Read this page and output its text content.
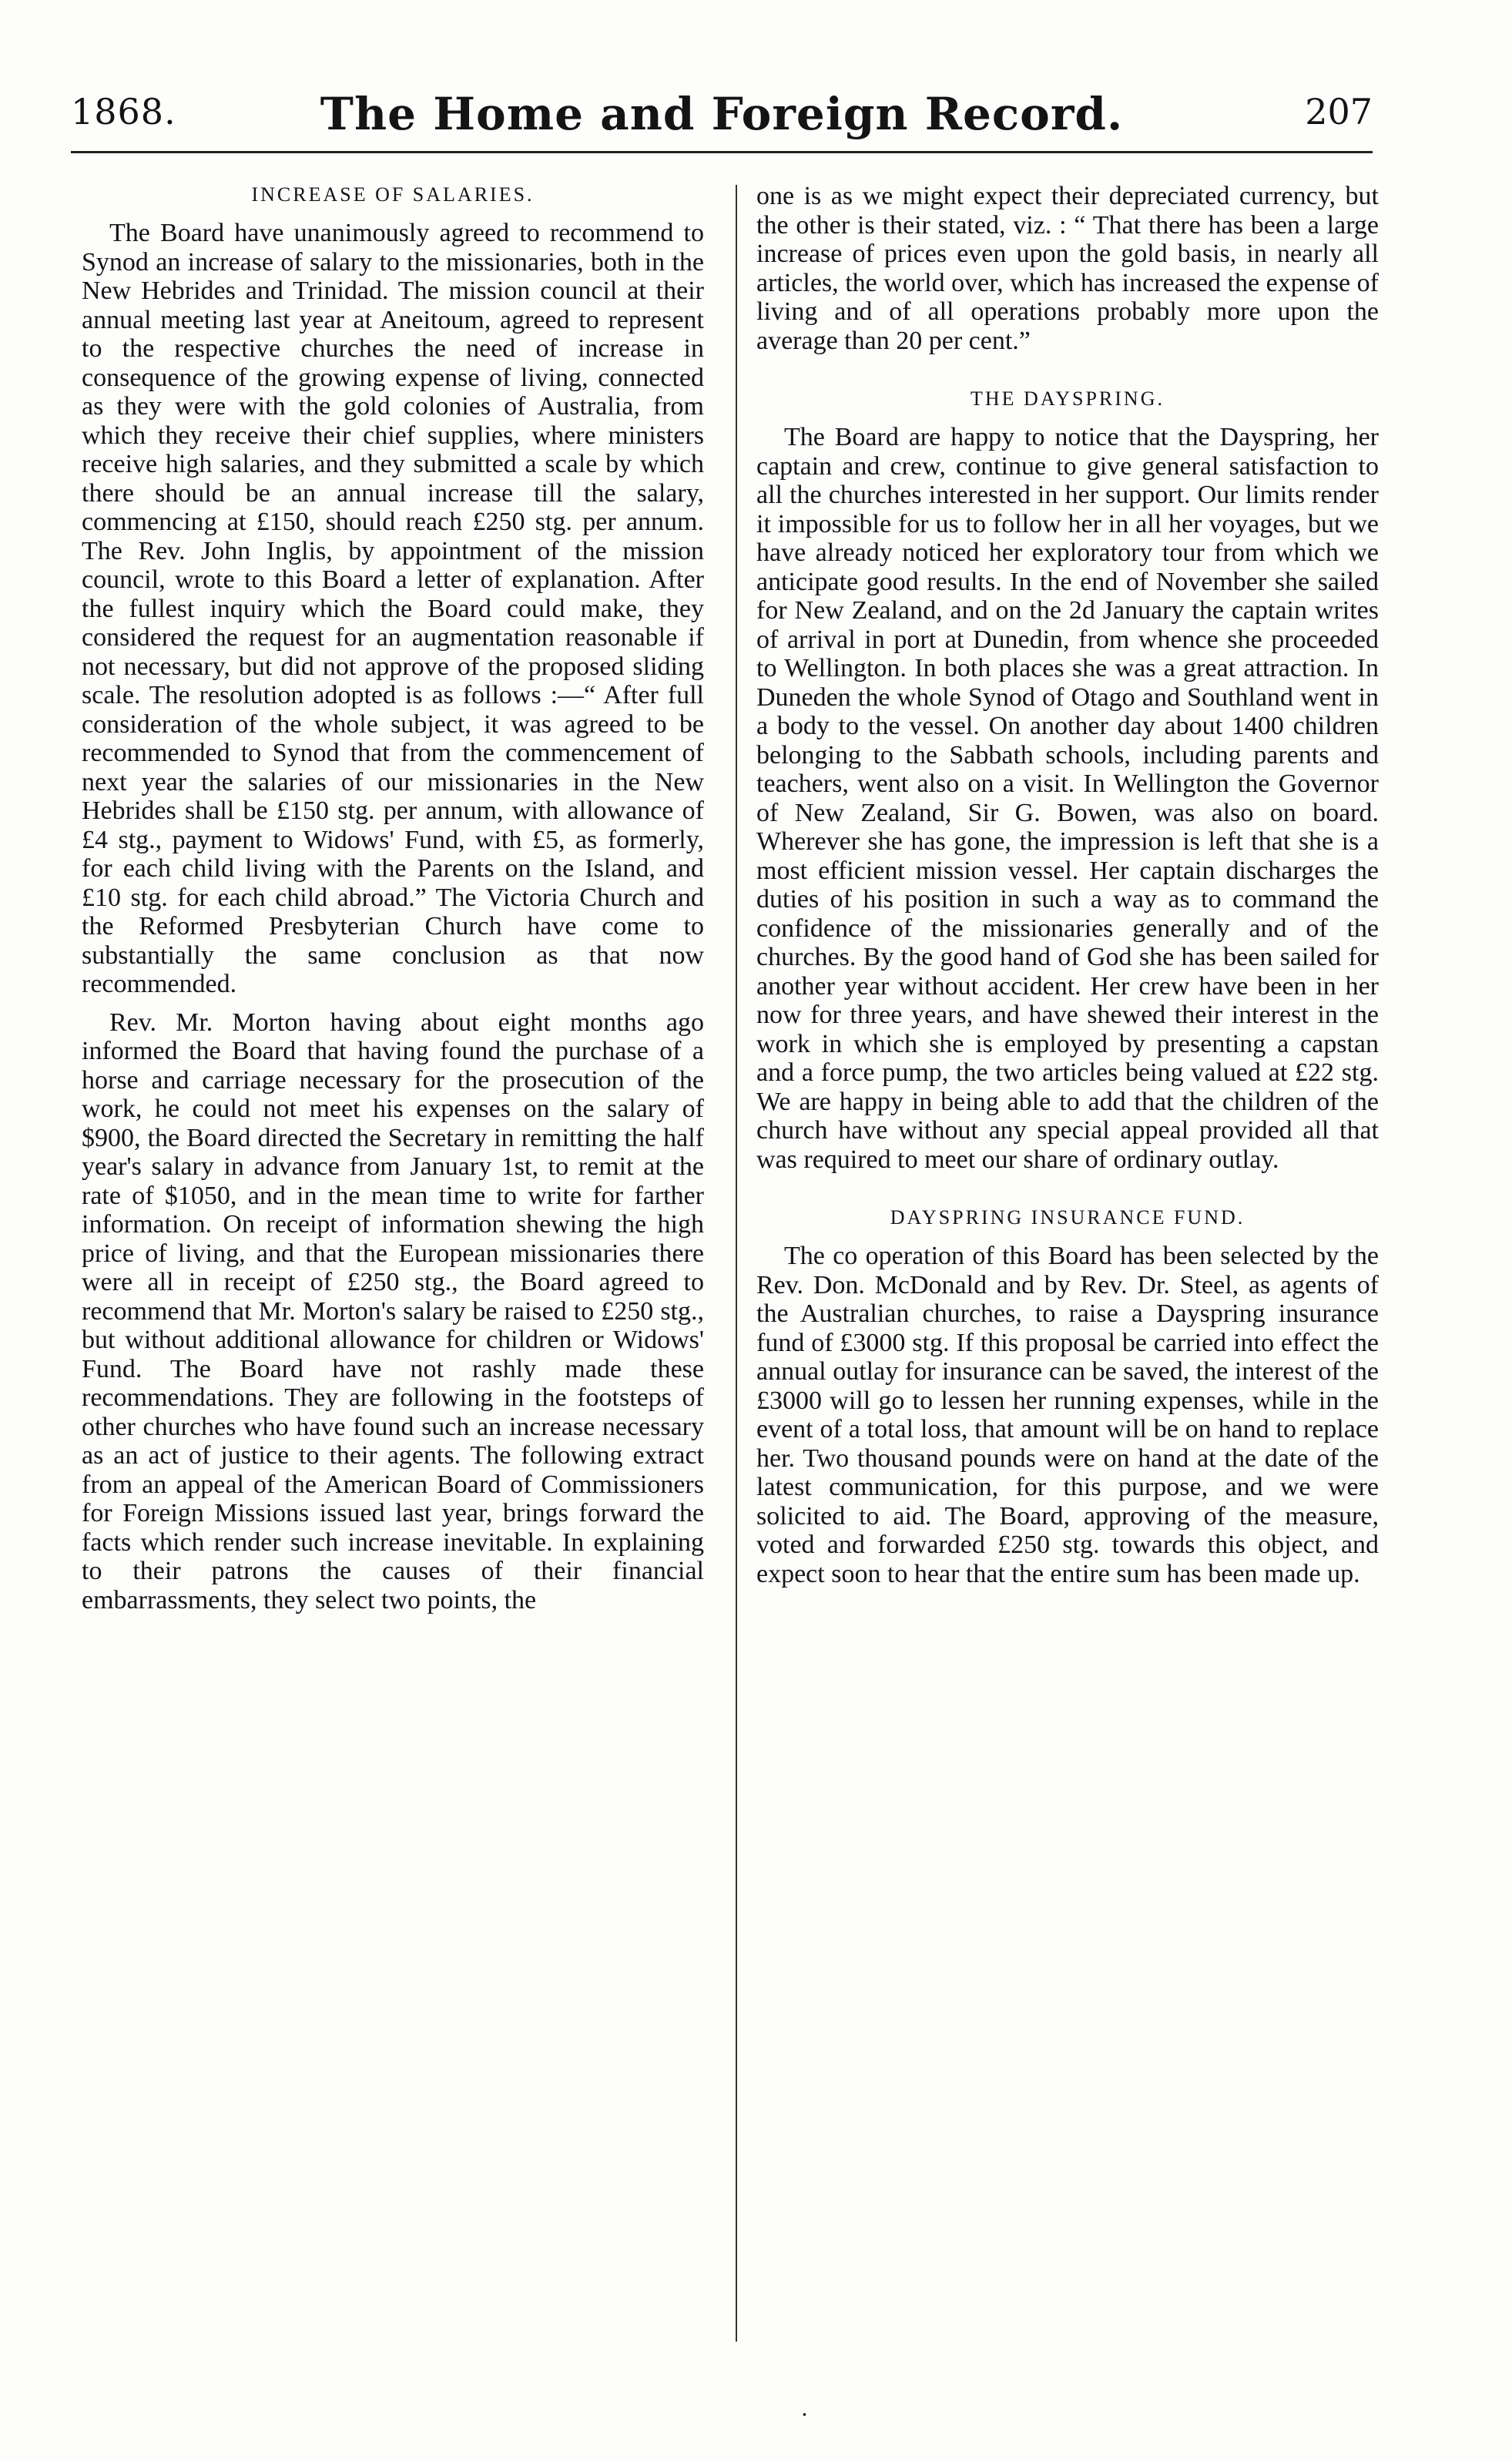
1868.	The Home and Foreign Record.	207
INCREASE OF SALARIES.

The Board have unanimously agreed to recommend to Synod an increase of salary to the missionaries, both in the New Hebrides and Trinidad. The mission council at their annual meeting last year at Aneitoum, agreed to represent to the respective churches the need of increase in consequence of the growing expense of living, connected as they were with the gold colonies of Australia, from which they receive their chief supplies, where ministers receive high salaries, and they submitted a scale by which there should be an annual increase till the salary, commencing at £150, should reach £250 stg. per annum. The Rev. John Inglis, by appointment of the mission council, wrote to this Board a letter of explanation. After the fullest inquiry which the Board could make, they considered the request for an augmentation reasonable if not necessary, but did not approve of the proposed sliding scale. The resolution adopted is as follows :—“ After full consideration of the whole subject, it was agreed to be recommended to Synod that from the commencement of next year the salaries of our missionaries in the New Hebrides shall be £150 stg. per annum, with allowance of £4 stg., payment to Widows' Fund, with £5, as formerly, for each child living with the Parents on the Island, and £10 stg. for each child abroad.” The Victoria Church and the Reformed Presbyterian Church have come to substantially the same conclusion as that now recommended.

Rev. Mr. Morton having about eight months ago informed the Board that having found the purchase of a horse and carriage necessary for the prosecution of the work, he could not meet his expenses on the salary of $900, the Board directed the Secretary in remitting the half year's salary in advance from January 1st, to remit at the rate of $1050, and in the mean time to write for farther information. On receipt of information shewing the high price of living, and that the European missionaries there were all in receipt of £250 stg., the Board agreed to recommend that Mr. Morton's salary be raised to £250 stg., but without additional allowance for children or Widows' Fund. The Board have not rashly made these recommendations. They are following in the footsteps of other churches who have found such an increase necessary as an act of justice to their agents. The following extract from an appeal of the American Board of Commissioners for Foreign Missions issued last year, brings forward the facts which render such increase inevitable. In explaining to their patrons the causes of their financial embarrassments, they select two points, the

one is as we might expect their depreciated currency, but the other is their stated, viz. : “ That there has been a large increase of prices even upon the gold basis, in nearly all articles, the world over, which has increased the expense of living and of all operations probably more upon the average than 20 per cent.”

THE DAYSPRING.

The Board are happy to notice that the Dayspring, her captain and crew, continue to give general satisfaction to all the churches interested in her support. Our limits render it impossible for us to follow her in all her voyages, but we have already noticed her exploratory tour from which we anticipate good results. In the end of November she sailed for New Zealand, and on the 2d January the captain writes of arrival in port at Dunedin, from whence she proceeded to Wellington. In both places she was a great attraction. In Duneden the whole Synod of Otago and Southland went in a body to the vessel. On another day about 1400 children belonging to the Sabbath schools, including parents and teachers, went also on a visit. In Wellington the Governor of New Zealand, Sir G. Bowen, was also on board. Wherever she has gone, the impression is left that she is a most efficient mission vessel. Her captain discharges the duties of his position in such a way as to command the confidence of the missionaries generally and of the churches. By the good hand of God she has been sailed for another year without accident. Her crew have been in her now for three years, and have shewed their interest in the work in which she is employed by presenting a capstan and a force pump, the two articles being valued at £22 stg. We are happy in being able to add that the children of the church have without any special appeal provided all that was required to meet our share of ordinary outlay.

DAYSPRING INSURANCE FUND.

The co operation of this Board has been selected by the Rev. Don. McDonald and by Rev. Dr. Steel, as agents of the Australian churches, to raise a Dayspring insurance fund of £3000 stg. If this proposal be carried into effect the annual outlay for insurance can be saved, the interest of the £3000 will go to lessen her running expenses, while in the event of a total loss, that amount will be on hand to replace her. Two thousand pounds were on hand at the date of the latest communication, for this purpose, and we were solicited to aid. The Board, approving of the measure, voted and forwarded £250 stg. towards this object, and expect soon to hear that the entire sum has been made up.

.
